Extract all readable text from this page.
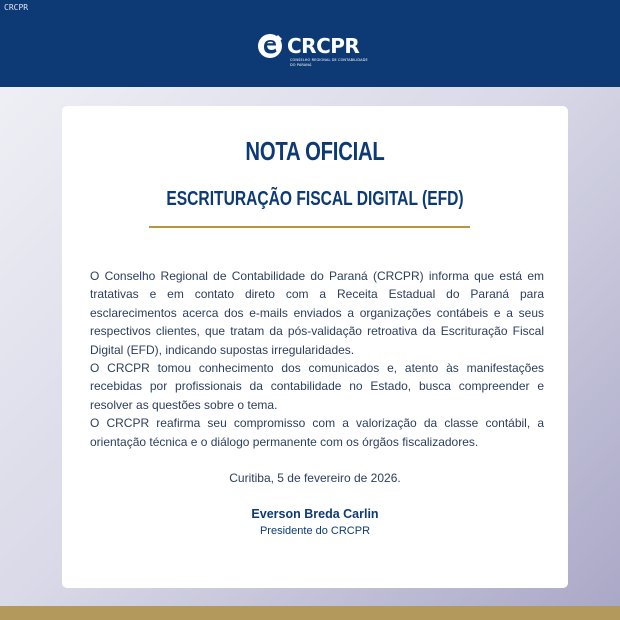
CRCPR
CRCPR
CONSELHO REGIONAL DE CONTABILIDADE DO PARANÁ
NOTA OFICIAL
ESCRITURAÇÃO FISCAL DIGITAL (EFD)

O Conselho Regional de Contabilidade do Paraná (CRCPR) informa que está em tratativas e em contato direto com a Receita Estadual do Paraná para esclarecimentos acerca dos e-mails enviados a organizações contábeis e a seus respectivos clientes, que tratam da pós-validação retroativa da Escrituração Fiscal Digital (EFD), indicando supostas irregularidades.

O CRCPR tomou conhecimento dos comunicados e, atento às manifestações recebidas por profissionais da contabilidade no Estado, busca compreender e resolver as questões sobre o tema.

O CRCPR reafirma seu compromisso com a valorização da classe contábil, a orientação técnica e o diálogo permanente com os órgãos fiscalizadores.

Curitiba, 5 de fevereiro de 2026.

Everson Breda Carlin

Presidente do CRCPR
